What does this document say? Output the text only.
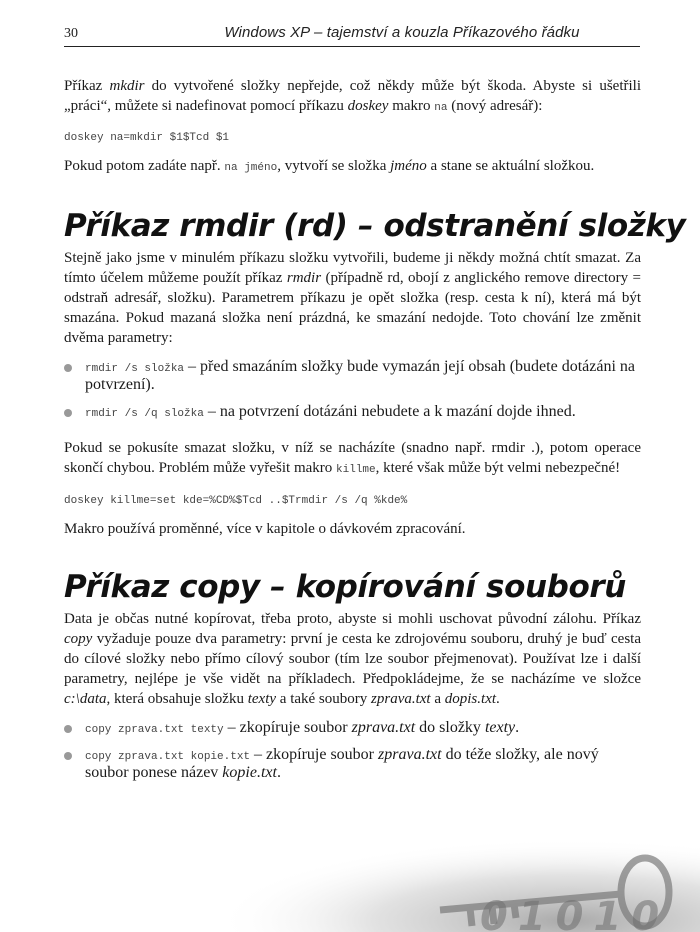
30	Windows XP – tajemství a kouzla Příkazového řádku

Příkaz mkdir do vytvořené složky nepřejde, což někdy může být škoda. Abyste si ušetřili „práci“, můžete si nadefinovat pomocí příkazu doskey makro na (nový adresář):

doskey na=mkdir $1$Tcd $1

Pokud potom zadáte např. na jméno, vytvoří se složka jméno a stane se aktuální složkou.

Příkaz rmdir (rd) – odstranění složky

Stejně jako jsme v minulém příkazu složku vytvořili, budeme ji někdy možná chtít smazat. Za tímto účelem můžeme použít příkaz rmdir (případně rd, obojí z anglického remove directory = odstraň adresář, složku). Parametrem příkazu je opět složka (resp. cesta k ní), která má být smazána. Pokud mazaná složka není prázdná, ke smazání nedojde. Toto chování lze změnit dvěma parametry:

rmdir /s složka – před smazáním složky bude vymazán její obsah (budete dotázáni na potvrzení).
rmdir /s /q složka – na potvrzení dotázáni nebudete a k mazání dojde ihned.

Pokud se pokusíte smazat složku, v níž se nacházíte (snadno např. rmdir .), potom operace skončí chybou. Problém může vyřešit makro killme, které však může být velmi nebezpečné!

doskey killme=set kde=%CD%$Tcd ..$Trmdir /s /q %kde%

Makro používá proměnné, více v kapitole o dávkovém zpracování.

Příkaz copy – kopírování souborů

Data je občas nutné kopírovat, třeba proto, abyste si mohli uschovat původní zálohu. Příkaz copy vyžaduje pouze dva parametry: první je cesta ke zdrojovému souboru, druhý je buď cesta do cílové složky nebo přímo cílový soubor (tím lze soubor přejmenovat). Používat lze i další parametry, nejlépe je vše vidět na příkladech. Předpokládejme, že se nacházíme ve složce c:\data, která obsahuje složku texty a také soubory zprava.txt a dopis.txt.

copy zprava.txt texty – zkopíruje soubor zprava.txt do složky texty.
copy zprava.txt kopie.txt – zkopíruje soubor zprava.txt do téže složky, ale nový soubor ponese název kopie.txt.
01010
